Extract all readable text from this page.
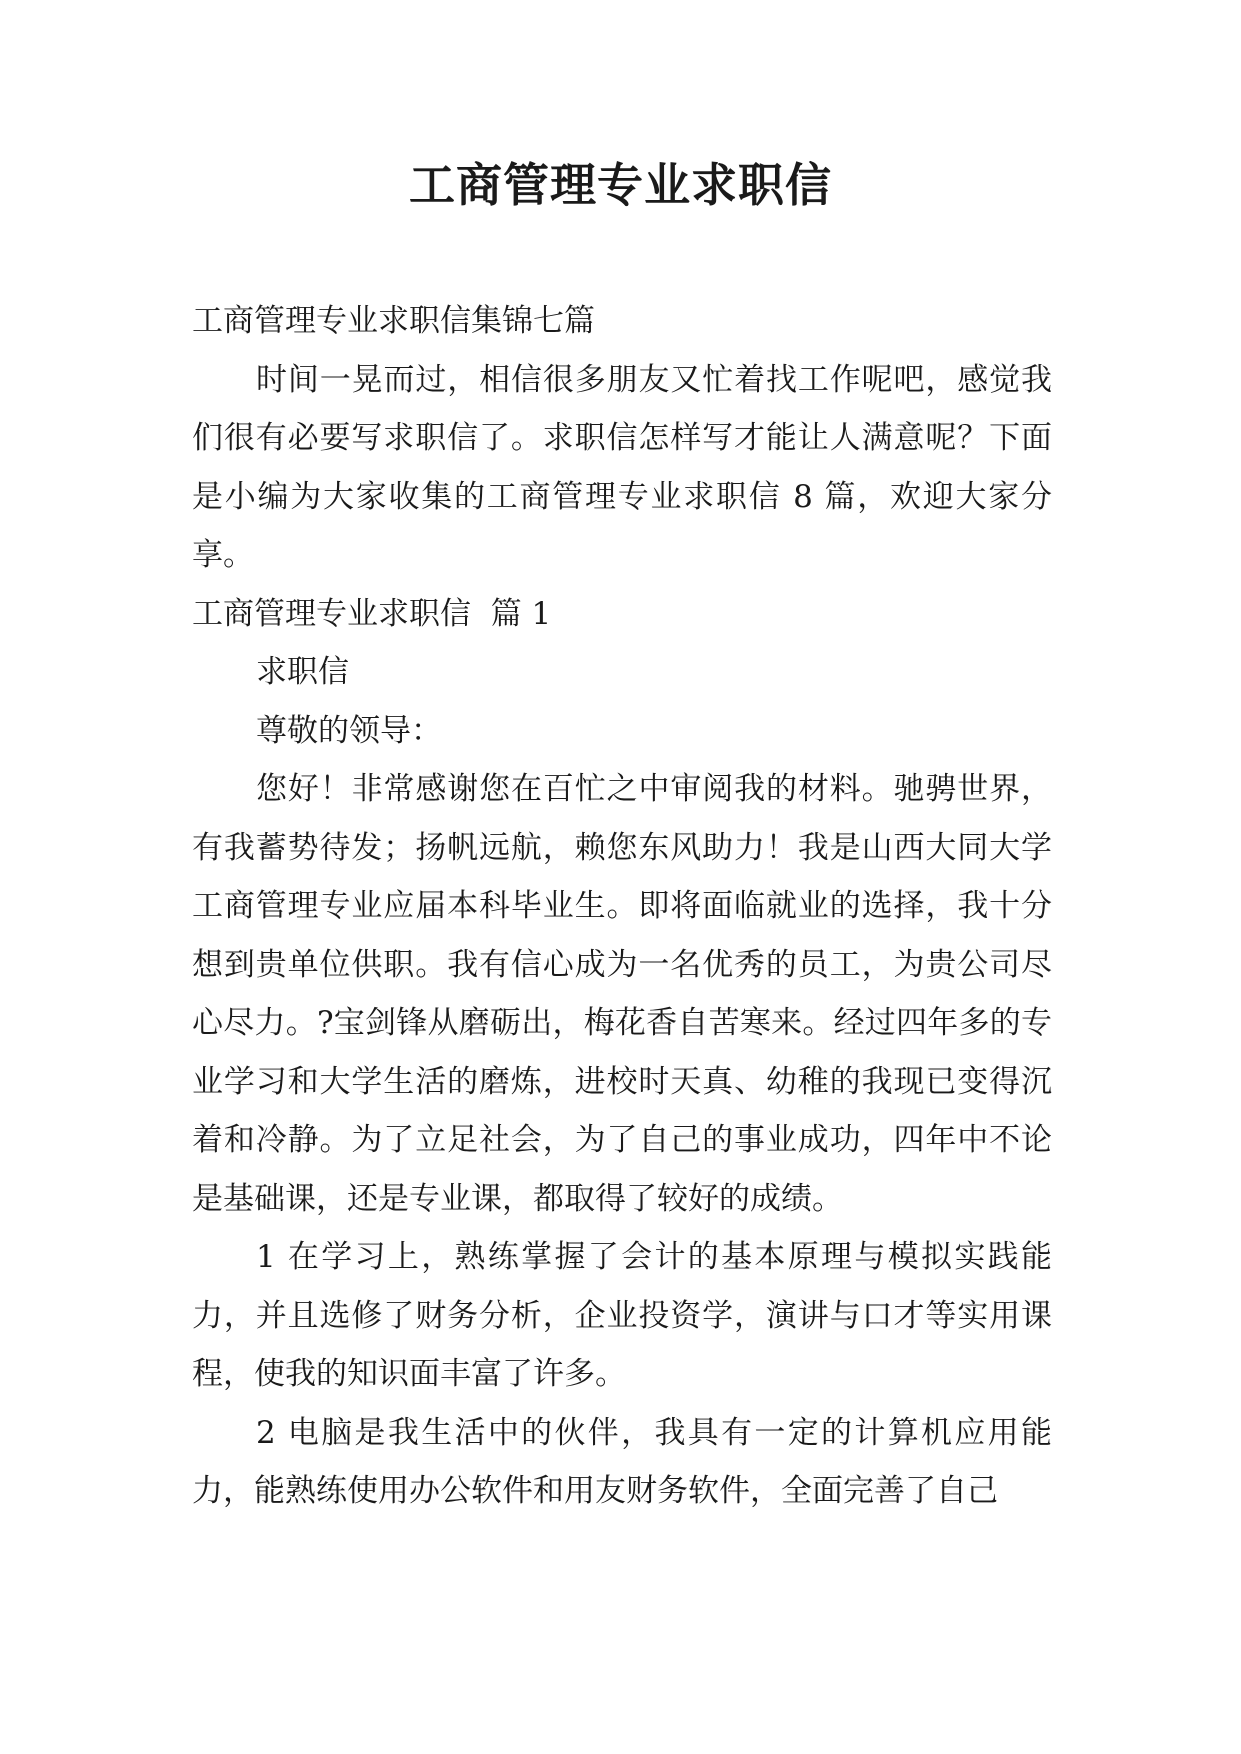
工商管理专业求职信

工商管理专业求职信集锦七篇

时间一晃而过，相信很多朋友又忙着找工作呢吧，感觉我们很有必要写求职信了。求职信怎样写才能让人满意呢？下面是小编为大家收集的工商管理专业求职信 8 篇，欢迎大家分享。

工商管理专业求职信  篇 1

求职信

尊敬的领导：

您好！非常感谢您在百忙之中审阅我的材料。驰骋世界，有我蓄势待发；扬帆远航，赖您东风助力！我是山西大同大学工商管理专业应届本科毕业生。即将面临就业的选择，我十分想到贵单位供职。我有信心成为一名优秀的员工，为贵公司尽心尽力。?宝剑锋从磨砺出，梅花香自苦寒来。经过四年多的专业学习和大学生活的磨炼，进校时天真、幼稚的我现已变得沉着和冷静。为了立足社会，为了自己的事业成功，四年中不论是基础课，还是专业课，都取得了较好的成绩。

1 在学习上，熟练掌握了会计的基本原理与模拟实践能力，并且选修了财务分析，企业投资学，演讲与口才等实用课程，使我的知识面丰富了许多。

2 电脑是我生活中的伙伴，我具有一定的计算机应用能力，能熟练使用办公软件和用友财务软件，全面完善了自己
